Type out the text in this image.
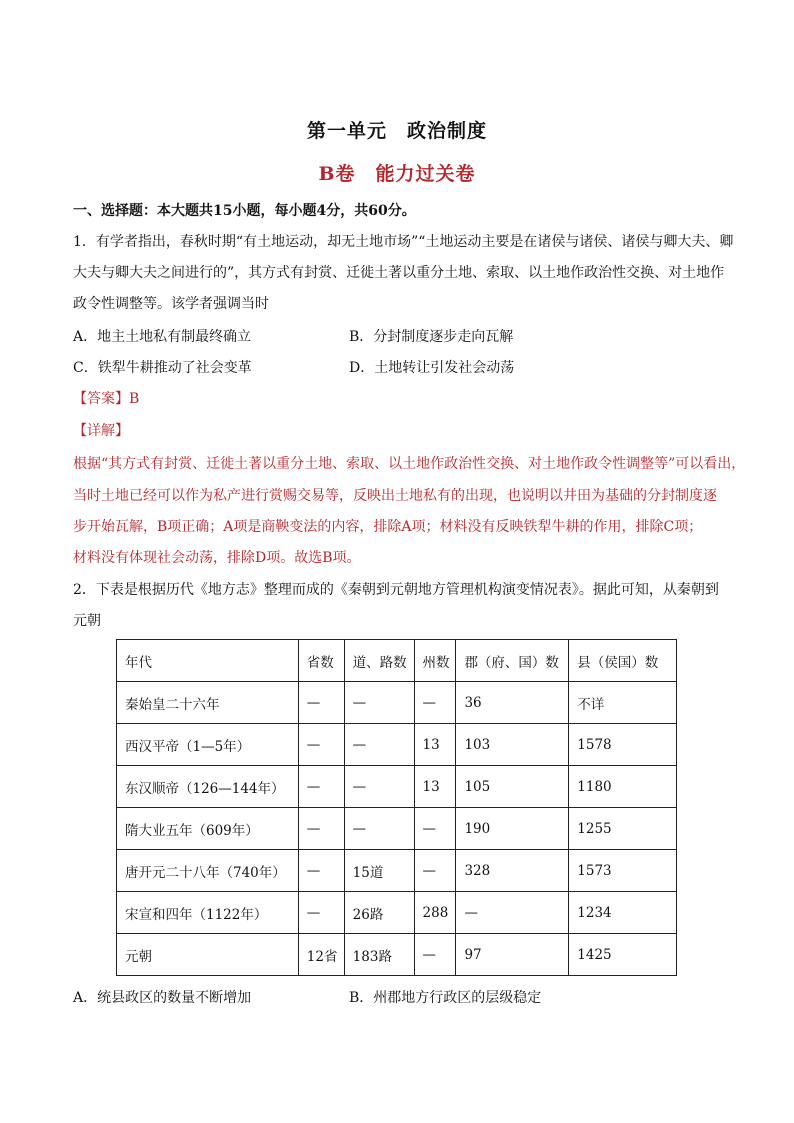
第一单元　政治制度
B卷　能力过关卷
一、选择题：本大题共15小题，每小题4分，共60分。
1．有学者指出，春秋时期“有土地运动，却无土地市场”“土地运动主要是在诸侯与诸侯、诸侯与卿大夫、卿
大夫与卿大夫之间进行的”，其方式有封赏、迁徙土著以重分土地、索取、以土地作政治性交换、对土地作
政令性调整等。该学者强调当时
A．地主土地私有制最终确立	B．分封制度逐步走向瓦解
C．铁犁牛耕推动了社会变革	D．土地转让引发社会动荡
【答案】B
【详解】
根据“其方式有封赏、迁徙土著以重分土地、索取、以土地作政治性交换、对土地作政令性调整等”可以看出，
当时土地已经可以作为私产进行赏赐交易等，反映出土地私有的出现，也说明以井田为基础的分封制度逐
步开始瓦解，B项正确；A项是商鞅变法的内容，排除A项；材料没有反映铁犁牛耕的作用，排除C项；
材料没有体现社会动荡，排除D项。故选B项。
2．下表是根据历代《地方志》整理而成的《秦朝到元朝地方管理机构演变情况表》。据此可知，从秦朝到
元朝
年代	省数	道、路数	州数	郡（府、国）数	县（侯国）数
秦始皇二十六年	—	—	—	36	不详
西汉平帝（1—5年）	—	—	13	103	1578
东汉顺帝（126—144年）	—	—	13	105	1180
隋大业五年（609年）	—	—	—	190	1255
唐开元二十八年（740年）	—	15道	—	328	1573
宋宣和四年（1122年）	—	26路	288	—	1234
元朝	12省	183路	—	97	1425
A．统县政区的数量不断增加	B．州郡地方行政区的层级稳定
